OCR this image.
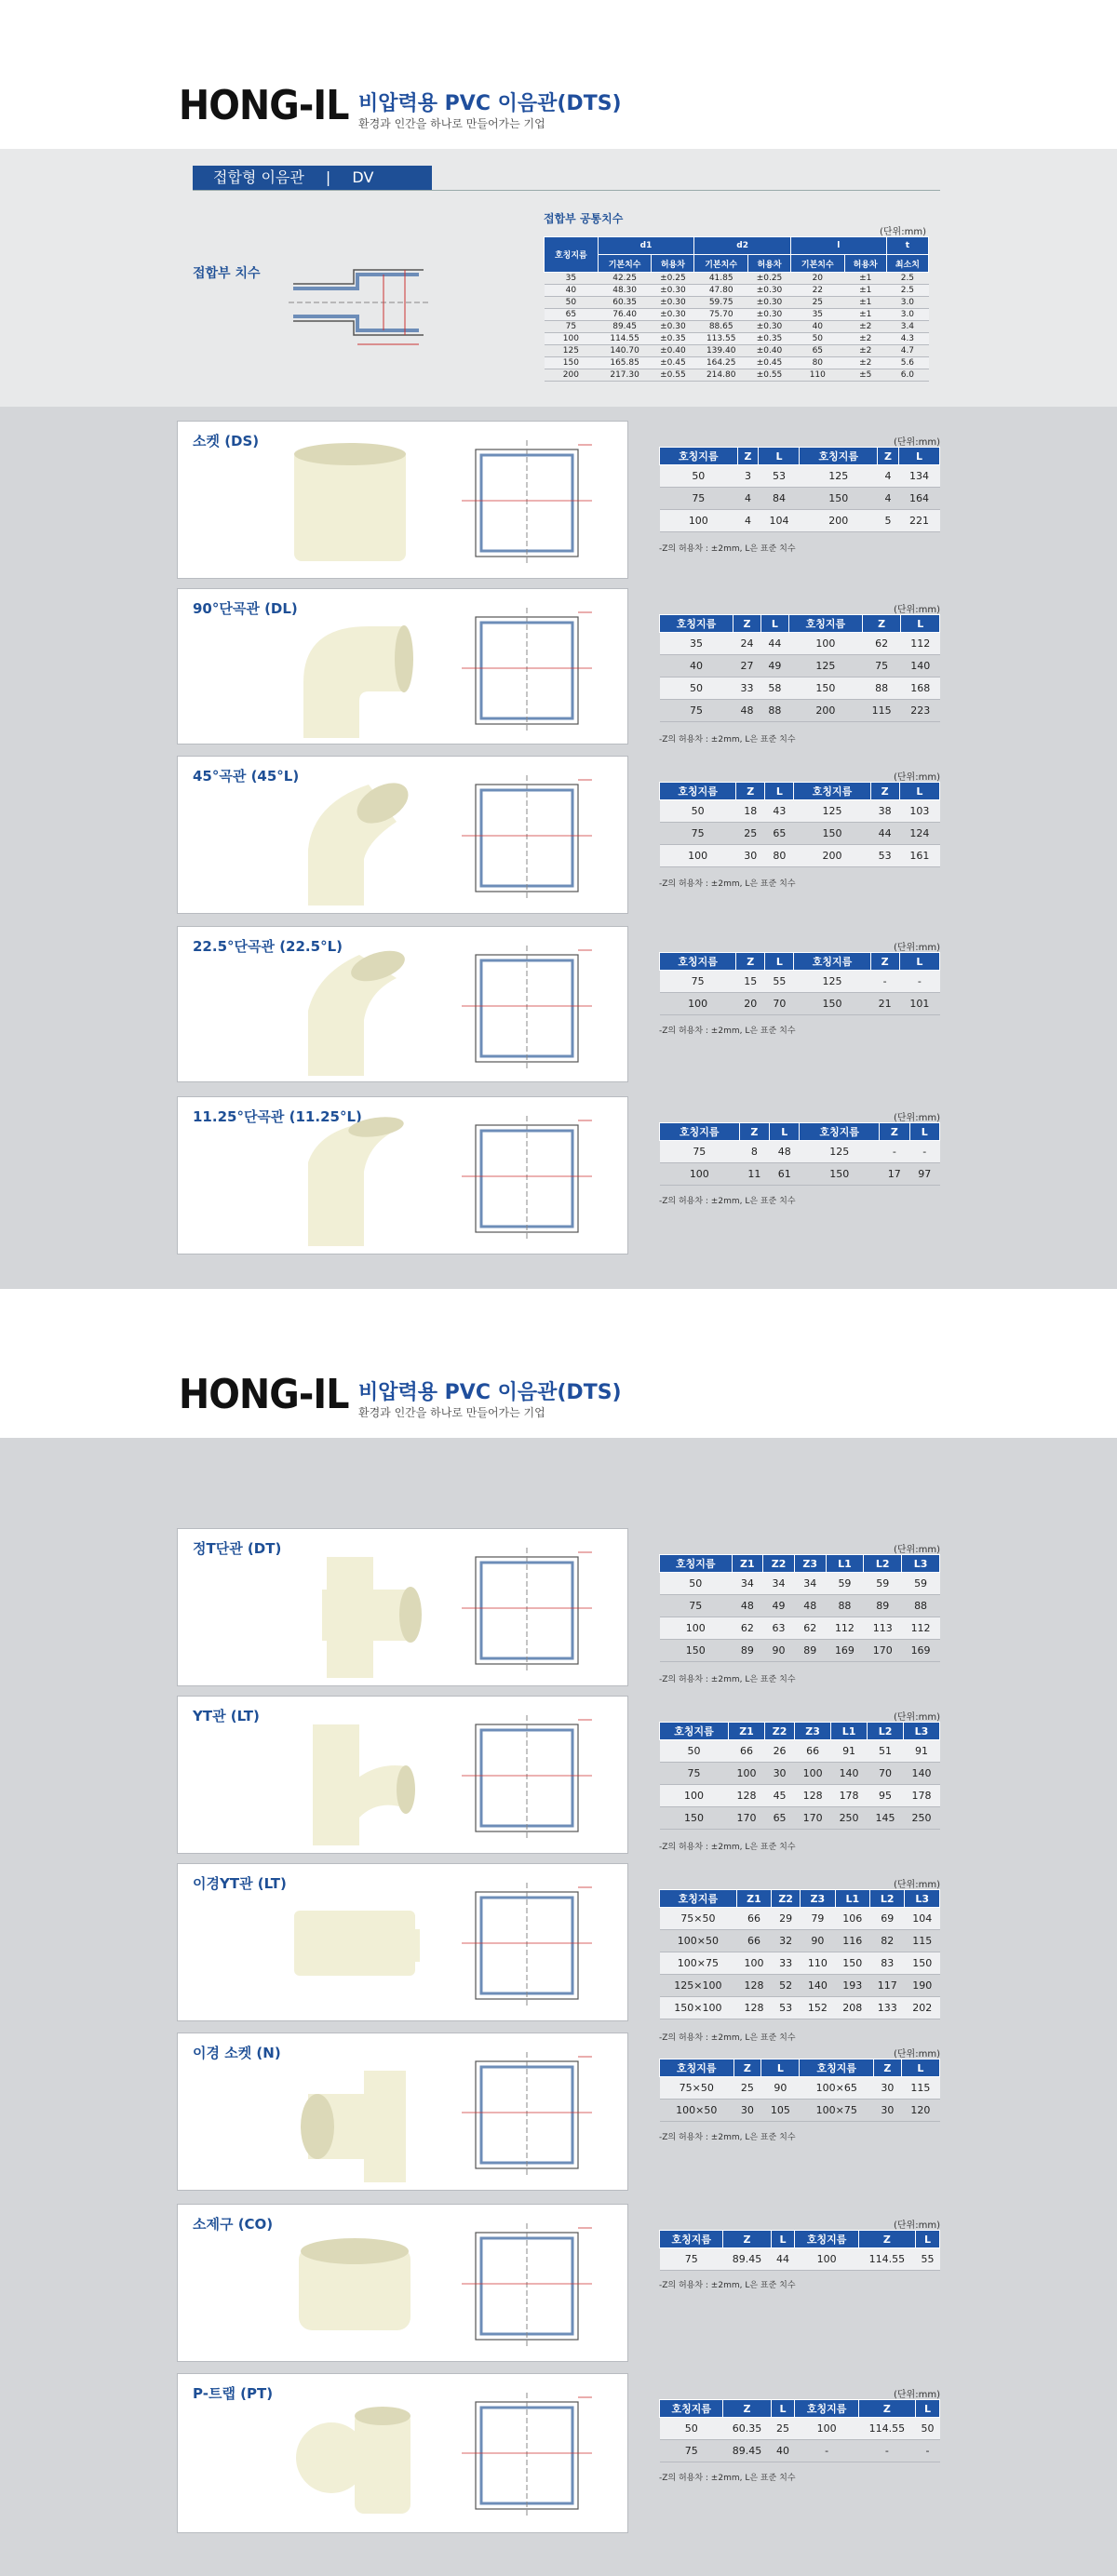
HONG-IL 비압력용 PVC 이음관(DTS)
환경과 인간을 하나로 만들어가는 기업
접합형 이음관 | DV
접합부 치수
접합부 공통치수
(단위:mm)
호칭지름	d1		d2		l		t
	기본치수	허용차	기본치수	허용차	기본치수	허용차	최소치
35	42.25	±0.25	41.85	±0.25	20	±1	2.5
40	48.30	±0.30	47.80	±0.30	22	±1	2.5
50	60.35	±0.30	59.75	±0.30	25	±1	3.0
65	76.40	±0.30	75.70	±0.30	35	±1	3.0
75	89.45	±0.30	88.65	±0.30	40	±2	3.4
100	114.55	±0.35	113.55	±0.35	50	±2	4.3
125	140.70	±0.40	139.40	±0.40	65	±2	4.7
150	165.85	±0.45	164.25	±0.45	80	±2	5.6
200	217.30	±0.55	214.80	±0.55	110	±5	6.0
HONG-IL 비압력용 PVC 이음관(DTS)
환경과 인간을 하나로 만들어가는 기업
소켓 (DS)	(단위:mm)
호칭지름	Z	L	호칭지름	Z	L
50	3	53	125	4	134
75	4	84	150	4	164
100	4	104	200	5	221
-Z의 허용차 : ±2mm, L은 표준 치수
90°단곡관 (DL)	(단위:mm)
호칭지름	Z	L	호칭지름	Z	L
35	24	44	100	62	112
40	27	49	125	75	140
50	33	58	150	88	168
75	48	88	200	115	223
-Z의 허용차 : ±2mm, L은 표준 치수
45°곡관 (45°L)	(단위:mm)
호칭지름	Z	L	호칭지름	Z	L
50	18	43	125	38	103
75	25	65	150	44	124
100	30	80	200	53	161
-Z의 허용차 : ±2mm, L은 표준 치수
22.5°단곡관 (22.5°L)	(단위:mm)
호칭지름	Z	L	호칭지름	Z	L
75	15	55	125	-	-
100	20	70	150	21	101
-Z의 허용차 : ±2mm, L은 표준 치수
11.25°단곡관 (11.25°L)	(단위:mm)
호칭지름	Z	L	호칭지름	Z	L
75	8	48	125	-	-
100	11	61	150	17	97
-Z의 허용차 : ±2mm, L은 표준 치수
정T단관 (DT)	(단위:mm)
호칭지름	Z1	Z2	Z3	L1	L2	L3
50	34	34	34	59	59	59
75	48	49	48	88	89	88
100	62	63	62	112	113	112
150	89	90	89	169	170	169
-Z의 허용차 : ±2mm, L은 표준 치수
YT관 (LT)	(단위:mm)
호칭지름	Z1	Z2	Z3	L1	L2	L3
50	66	26	66	91	51	91
75	100	30	100	140	70	140
100	128	45	128	178	95	178
150	170	65	170	250	145	250
-Z의 허용차 : ±2mm, L은 표준 치수
이경YT관 (LT)	(단위:mm)
호칭지름	Z1	Z2	Z3	L1	L2	L3
75×50	66	29	79	106	69	104
100×50	66	32	90	116	82	115
100×75	100	33	110	150	83	150
125×100	128	52	140	193	117	190
150×100	128	53	152	208	133	202
-Z의 허용차 : ±2mm, L은 표준 치수
이경 소켓 (N)	(단위:mm)
호칭지름	Z	L	호칭지름	Z	L
75×50	25	90	100×65	30	115
100×50	30	105	100×75	30	120
-Z의 허용차 : ±2mm, L은 표준 치수
소제구 (CO)	(단위:mm)
호칭지름	Z	L	호칭지름	Z	L
75	89.45	44	100	114.55	55
-Z의 허용차 : ±2mm, L은 표준 치수
P-트랩 (PT)	(단위:mm)
호칭지름	Z	L	호칭지름	Z	L
50	60.35	25	100	114.55	50
75	89.45	40	-	-	-
-Z의 허용차 : ±2mm, L은 표준 치수
